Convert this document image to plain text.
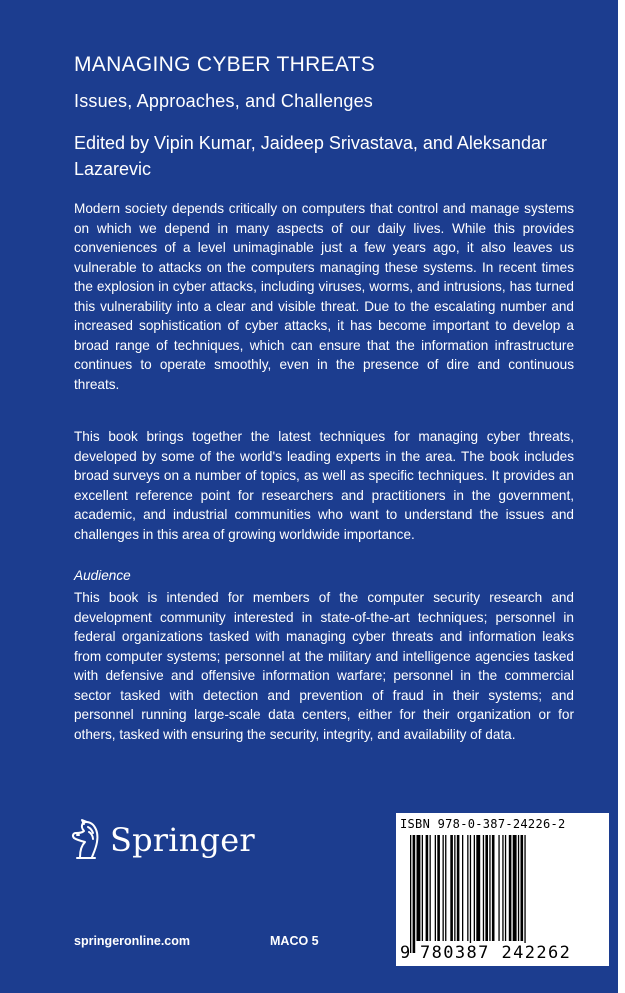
MANAGING CYBER THREATS
Issues, Approaches, and Challenges
Edited by Vipin Kumar, Jaideep Srivastava, and Aleksandar Lazarevic
Modern society depends critically on computers that control and manage systems on which we depend in many aspects of our daily lives. While this provides conveniences of a level unimaginable just a few years ago, it also leaves us vulnerable to attacks on the computers managing these systems. In recent times the explosion in cyber attacks, including viruses, worms, and intrusions, has turned this vulnerability into a clear and visible threat. Due to the escalating number and increased sophistication of cyber attacks, it has become important to develop a broad range of techniques, which can ensure that the information infrastructure continues to operate smoothly, even in the presence of dire and continuous threats.
This book brings together the latest techniques for managing cyber threats, developed by some of the world's leading experts in the area. The book includes broad surveys on a number of topics, as well as specific techniques. It provides an excellent reference point for researchers and practitioners in the government, academic, and industrial communities who want to understand the issues and challenges in this area of growing worldwide importance.
Audience
This book is intended for members of the computer security research and development community interested in state-of-the-art techniques; personnel in federal organizations tasked with managing cyber threats and information leaks from computer systems; personnel at the military and intelligence agencies tasked with defensive and offensive information warfare; personnel in the commercial sector tasked with detection and prevention of fraud in their systems; and personnel running large-scale data centers, either for their organization or for others, tasked with ensuring the security, integrity, and availability of data.
Springer
springeronline.com	MACO 5
ISBN 978-0-387-24226-2
9 780387 242262
